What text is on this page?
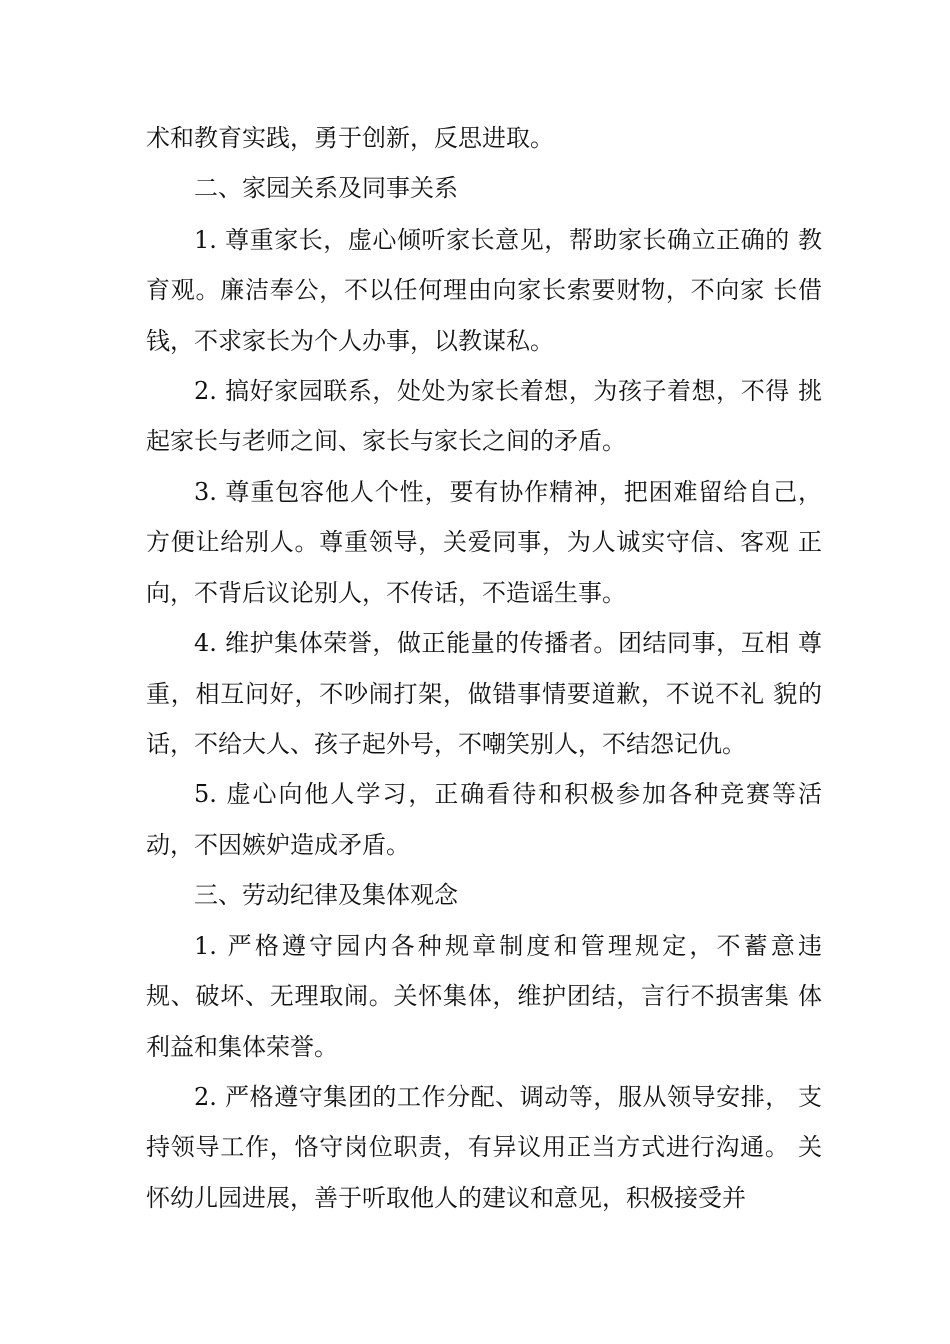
术和教育实践，勇于创新，反思进取。
二、家园关系及同事关系
1. 尊重家长，虚心倾听家长意见，帮助家长确立正确的 教
育观。廉洁奉公，不以任何理由向家长索要财物，不向家 长借
钱，不求家长为个人办事，以教谋私。
2. 搞好家园联系，处处为家长着想，为孩子着想，不得 挑
起家长与老师之间、家长与家长之间的矛盾。
3. 尊重包容他人个性，要有协作精神，把困难留给自己，
方便让给别人。尊重领导，关爱同事，为人诚实守信、客观 正
向，不背后议论别人，不传话，不造谣生事。
4. 维护集体荣誉，做正能量的传播者。团结同事，互相 尊
重，相互问好，不吵闹打架，做错事情要道歉，不说不礼 貌的
话，不给大人、孩子起外号，不嘲笑别人，不结怨记仇。
5. 虚心向他人学习，正确看待和积极参加各种竞赛等活
动，不因嫉妒造成矛盾。
三、劳动纪律及集体观念
1. 严格遵守园内各种规章制度和管理规定，不蓄意违
规、破坏、无理取闹。关怀集体，维护团结，言行不损害集 体
利益和集体荣誉。
2. 严格遵守集团的工作分配、调动等，服从领导安排， 支
持领导工作，恪守岗位职责，有异议用正当方式进行沟通。 关
怀幼儿园进展，善于听取他人的建议和意见，积极接受并
